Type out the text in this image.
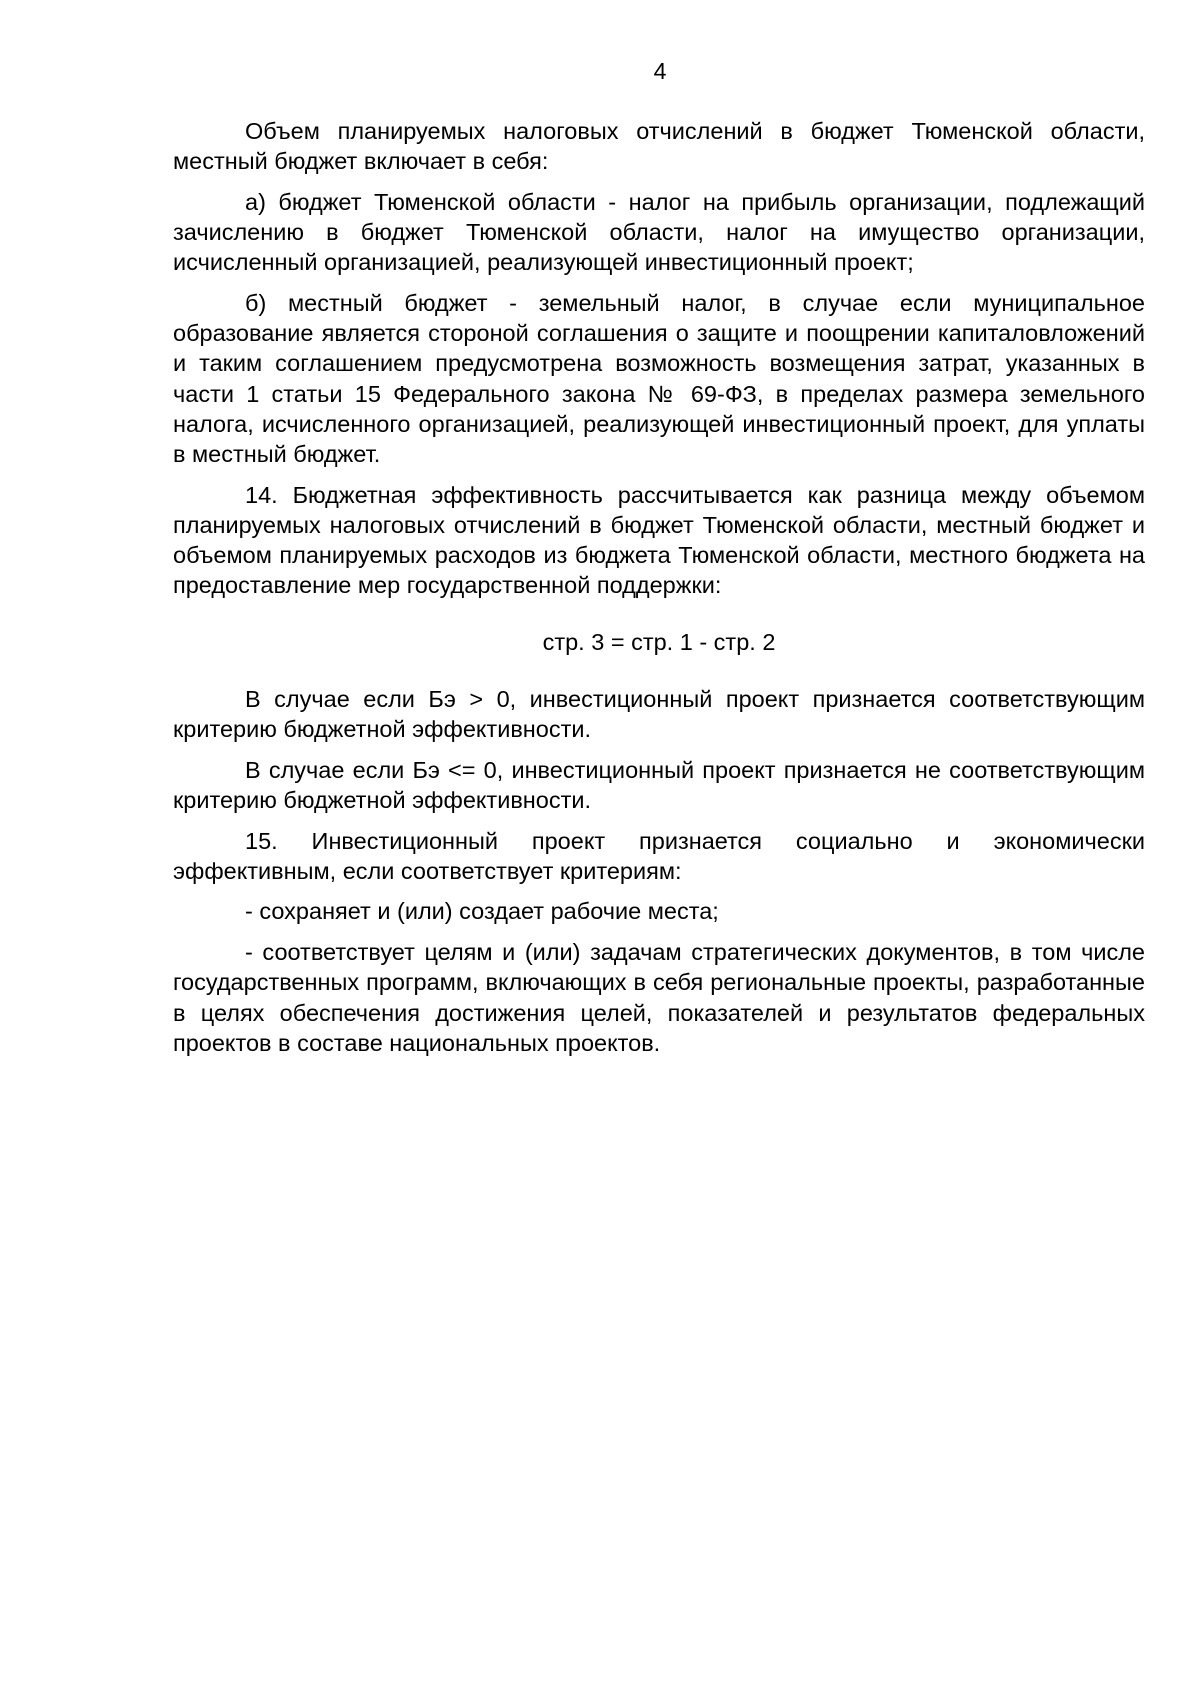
4

Объем планируемых налоговых отчислений в бюджет Тюменской области, местный бюджет включает в себя:

а) бюджет Тюменской области - налог на прибыль организации, подлежащий зачислению в бюджет Тюменской области, налог на имущество организации, исчисленный организацией, реализующей инвестиционный проект;

б) местный бюджет - земельный налог, в случае если муниципальное образование является стороной соглашения о защите и поощрении капиталовложений и таким соглашением предусмотрена возможность возмещения затрат, указанных в части 1 статьи 15 Федерального закона № 69-ФЗ, в пределах размера земельного налога, исчисленного организацией, реализующей инвестиционный проект, для уплаты в местный бюджет.

14. Бюджетная эффективность рассчитывается как разница между объемом планируемых налоговых отчислений в бюджет Тюменской области, местный бюджет и объемом планируемых расходов из бюджета Тюменской области, местного бюджета на предоставление мер государственной поддержки:

стр. 3 = стр. 1 - стр. 2

В случае если Бэ > 0, инвестиционный проект признается соответствующим критерию бюджетной эффективности.

В случае если Бэ <= 0, инвестиционный проект признается не соответствующим критерию бюджетной эффективности.

15. Инвестиционный проект признается социально и экономически эффективным, если соответствует критериям:

- сохраняет и (или) создает рабочие места;

- соответствует целям и (или) задачам стратегических документов, в том числе государственных программ, включающих в себя региональные проекты, разработанные в целях обеспечения достижения целей, показателей и результатов федеральных проектов в составе национальных проектов.
